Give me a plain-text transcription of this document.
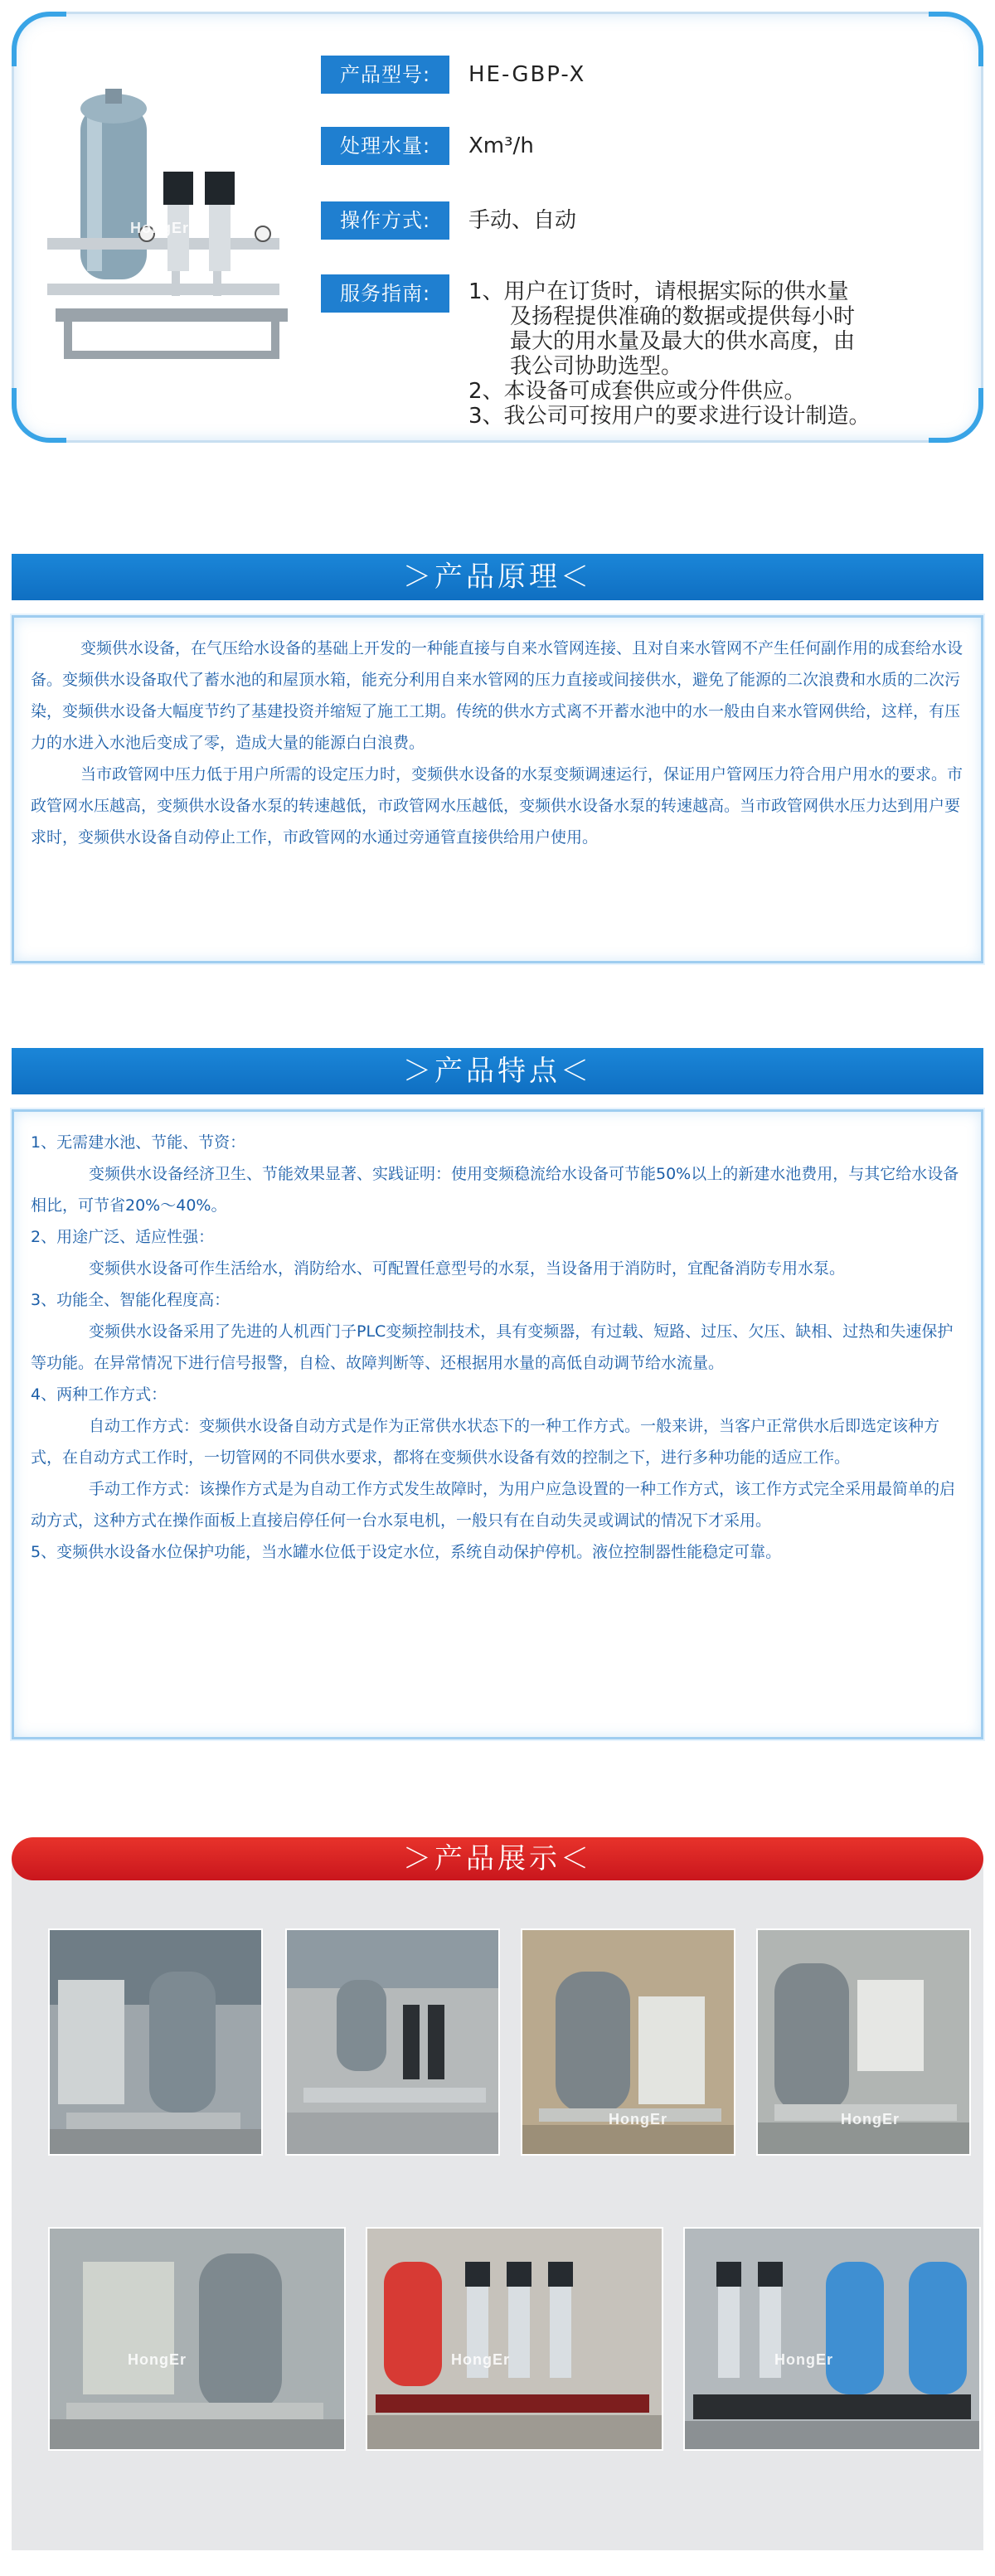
HongEr
产品型号:	HE-GBP-X
处理水量:	Xm³/h
操作方式:	手动、自动
服务指南:	1、用户在订货时，请根据实际的供水量
及扬程提供准确的数据或提供每小时
最大的用水量及最大的供水高度，由
我公司协助选型。
2、本设备可成套供应或分件供应。
3、我公司可按用户的要求进行设计制造。
＞产品原理＜

变频供水设备，在气压给水设备的基础上开发的一种能直接与自来水管网连接、且对自来水管网不产生任何副作用的成套给水设备。变频供水设备取代了蓄水池的和屋顶水箱，能充分利用自来水管网的压力直接或间接供水，避免了能源的二次浪费和水质的二次污染，变频供水设备大幅度节约了基建投资并缩短了施工工期。传统的供水方式离不开蓄水池中的水一般由自来水管网供给，这样，有压力的水进入水池后变成了零，造成大量的能源白白浪费。

当市政管网中压力低于用户所需的设定压力时，变频供水设备的水泵变频调速运行，保证用户管网压力符合用户用水的要求。市政管网水压越高，变频供水设备水泵的转速越低，市政管网水压越低，变频供水设备水泵的转速越高。当市政管网供水压力达到用户要求时，变频供水设备自动停止工作，市政管网的水通过旁通管直接供给用户使用。

＞产品特点＜
1、无需建水池、节能、节资：
变频供水设备经济卫生、节能效果显著、实践证明：使用变频稳流给水设备可节能50%以上的新建水池费用，与其它给水设备相比，可节省20%～40%。
2、用途广泛、适应性强：
变频供水设备可作生活给水，消防给水、可配置任意型号的水泵，当设备用于消防时，宜配备消防专用水泵。
3、功能全、智能化程度高：
变频供水设备采用了先进的人机西门子PLC变频控制技术，具有变频器，有过载、短路、过压、欠压、缺相、过热和失速保护 等功能。在异常情况下进行信号报警，自检、故障判断等、还根据用水量的高低自动调节给水流量。
4、两种工作方式：
自动工作方式：变频供水设备自动方式是作为正常供水状态下的一种工作方式。一般来讲，当客户正常供水后即选定该种方式，在自动方式工作时，一切管网的不同供水要求，都将在变频供水设备有效的控制之下，进行多种功能的适应工作。
手动工作方式：该操作方式是为自动工作方式发生故障时，为用户应急设置的一种工作方式，该工作方式完全采用最简单的启动方式，这种方式在操作面板上直接启停任何一台水泵电机，一般只有在自动失灵或调试的情况下才采用。
5、变频供水设备水位保护功能，当水罐水位低于设定水位，系统自动保护停机。液位控制器性能稳定可靠。
＞产品展示＜
HongEr	HongEr
HongEr	HongEr	HongEr
